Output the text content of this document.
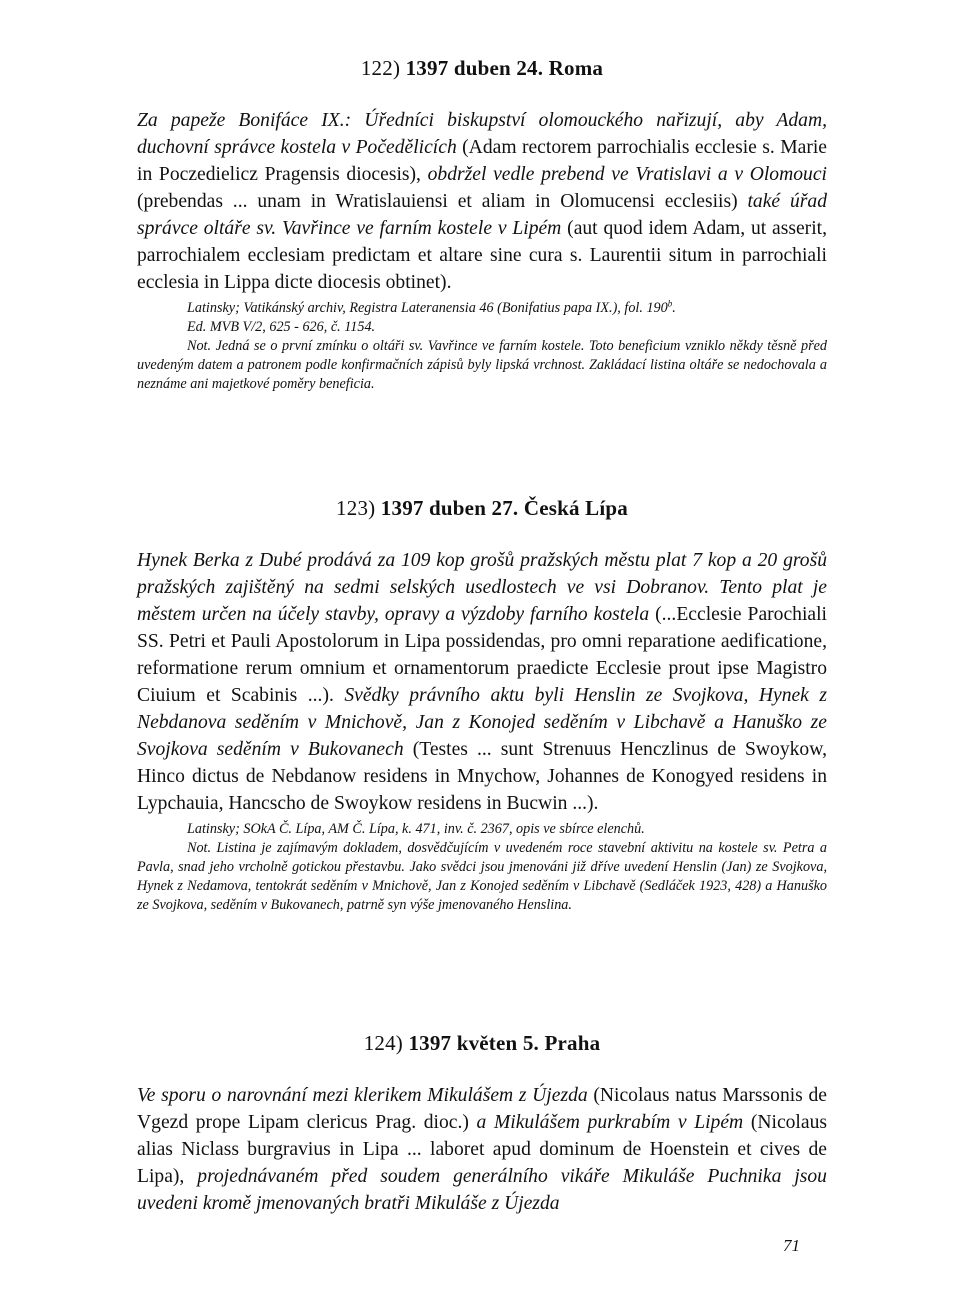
122) 1397 duben 24. Roma

Za papeže Bonifáce IX.: Úředníci biskupství olomouckého nařizují, aby Adam, duchovní správce kostela v Počedělicích (Adam rectorem parrochialis ecclesie s. Marie in Poczedielicz Pragensis diocesis), obdržel vedle prebend ve Vratislavi a v Olomouci (prebendas ... unam in Wratislauiensi et aliam in Olomucensi ecclesiis) také úřad správce oltáře sv. Vavřince ve farním kostele v Lipém (aut quod idem Adam, ut asserit, parrochialem ecclesiam predictam et altare sine cura s. Laurentii situm in parrochiali ecclesia in Lippa dicte diocesis obtinet).

Latinsky; Vatikánský archiv, Registra Lateranensia 46 (Bonifatius papa IX.), fol. 190$^b$.

Ed. MVB V/2, 625 - 626, č. 1154.

Not. Jedná se o první zmínku o oltáři sv. Vavřince ve farním kostele. Toto beneficium vzniklo někdy těsně před uvedeným datem a patronem podle konfirmačních zápisů byly lipská vrchnost. Zakládací listina oltáře se nedochovala a neznáme ani majetkové poměry beneficia.

123) 1397 duben 27. Česká Lípa

Hynek Berka z Dubé prodává za 109 kop grošů pražských městu plat 7 kop a 20 grošů pražských zajištěný na sedmi selských usedlostech ve vsi Dobranov. Tento plat je městem určen na účely stavby, opravy a výzdoby farního kostela (...Ecclesie Parochiali SS. Petri et Pauli Apostolorum in Lipa possidendas, pro omni reparatione aedificatione, reformatione rerum omnium et ornamentorum praedicte Ecclesie prout ipse Magistro Ciuium et Scabinis ...). Svědky právního aktu byli Henslin ze Svojkova, Hynek z Nebdanova seděním v Mnichově, Jan z Konojed seděním v Libchavě a Hanuško ze Svojkova seděním v Bukovanech (Testes ... sunt Strenuus Henczlinus de Swoykow, Hinco dictus de Nebdanow residens in Mnychow, Johannes de Konogyed residens in Lypchauia, Hancscho de Swoykow residens in Bucwin ...).

Latinsky; SOkA Č. Lípa, AM Č. Lípa, k. 471, inv. č. 2367, opis ve sbírce elenchů.

Not. Listina je zajímavým dokladem, dosvědčujícím v uvedeném roce stavební aktivitu na kostele sv. Petra a Pavla, snad jeho vrcholně gotickou přestavbu. Jako svědci jsou jmenováni již dříve uvedení Henslin (Jan) ze Svojkova, Hynek z Nedamova, tentokrát seděním v Mnichově, Jan z Konojed seděním v Libchavě (Sedláček 1923, 428) a Hanuško ze Svojkova, seděním v Bukovanech, patrně syn výše jmenovaného Henslina.

124) 1397 květen 5. Praha

Ve sporu o narovnání mezi klerikem Mikulášem z Újezda (Nicolaus natus Marssonis de Vgezd prope Lipam clericus Prag. dioc.) a Mikulášem purkrabím v Lipém (Nicolaus alias Niclass burgravius in Lipa ... laboret apud dominum de Hoenstein et cives de Lipa), projednávaném před soudem generálního vikáře Mikuláše Puchnika jsou uvedeni kromě jmenovaných bratři Mikuláše z Újezda

71
